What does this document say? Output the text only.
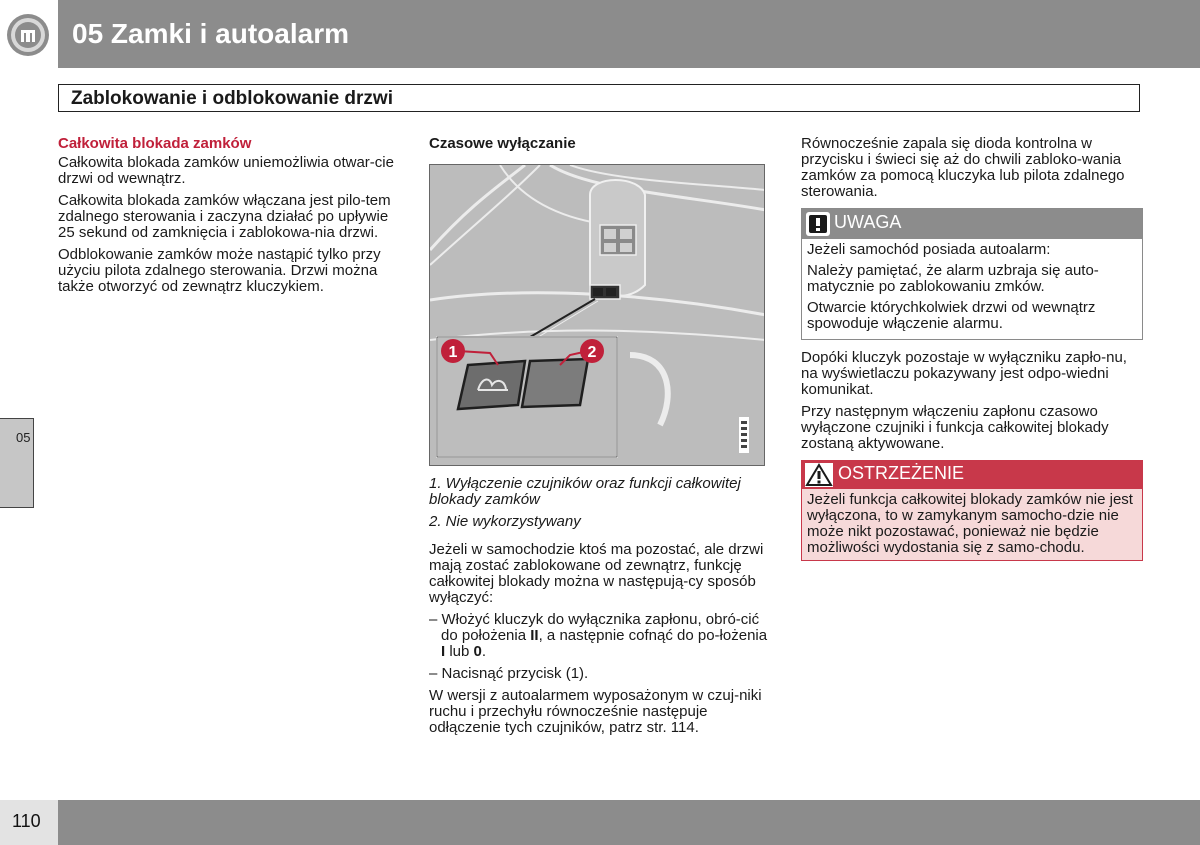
05 Zamki i autoalarm
Zablokowanie i odblokowanie drzwi
05
Całkowita blokada zamków

Całkowita blokada zamków uniemożliwia otwar-cie drzwi od wewnątrz.

Całkowita blokada zamków włączana jest pilo-tem zdalnego sterowania i zaczyna działać po upływie 25 sekund od zamknięcia i zablokowa-nia drzwi.

Odblokowanie zamków może nastąpić tylko przy użyciu pilota zdalnego sterowania. Drzwi można także otworzyć od zewnątrz kluczykiem.

Czasowe wyłączanie
1	2

1. Wyłączenie czujników oraz funkcji całkowitej blokady zamków

2. Nie wykorzystywany

Jeżeli w samochodzie ktoś ma pozostać, ale drzwi mają zostać zablokowane od zewnątrz, funkcję całkowitej blokady można w następują-cy sposób wyłączyć:

– Włożyć kluczyk do wyłącznika zapłonu, obró-cić do położenia II, a następnie cofnąć do po-łożenia I lub 0.

– Nacisnąć przycisk (1).

W wersji z autoalarmem wyposażonym w czuj-niki ruchu i przechyłu równocześnie następuje odłączenie tych czujników, patrz str. 114.

Równocześnie zapala się dioda kontrolna w przycisku i świeci się aż do chwili zabloko-wania zamków za pomocą kluczyka lub pilota zdalnego sterowania.

UWAGA

Jeżeli samochód posiada autoalarm:

Należy pamiętać, że alarm uzbraja się auto-matycznie po zablokowaniu zmków.

Otwarcie którychkolwiek drzwi od wewnątrz spowoduje włączenie alarmu.

Dopóki kluczyk pozostaje w wyłączniku zapło-nu, na wyświetlaczu pokazywany jest odpo-wiedni komunikat.

Przy następnym włączeniu zapłonu czasowo wyłączone czujniki i funkcja całkowitej blokady zostaną aktywowane.

OSTRZEŻENIE
Jeżeli funkcja całkowitej blokady zamków nie jest wyłączona, to w zamykanym samocho-dzie nie może nikt pozostawać, ponieważ nie będzie możliwości wydostania się z samo-chodu.
110
